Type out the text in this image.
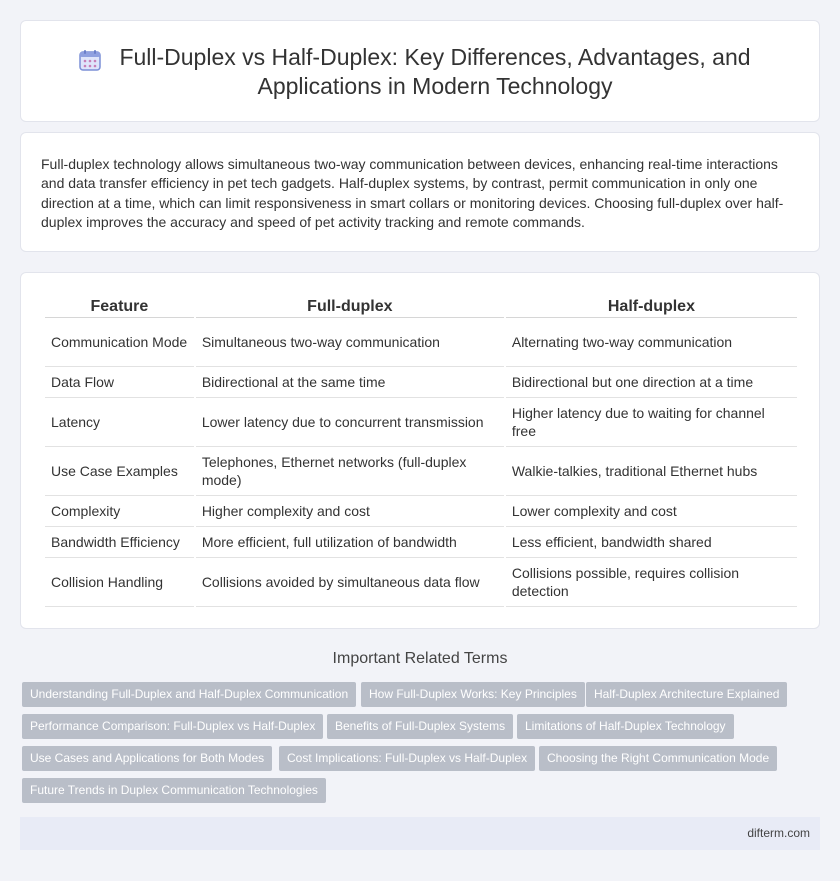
Full-Duplex vs Half-Duplex: Key Differences, Advantages, and
Applications in Modern Technology

Full-duplex technology allows simultaneous two-way communication between devices, enhancing real-time interactions and data transfer efficiency in pet tech gadgets. Half-duplex systems, by contrast, permit communication in only one direction at a time, which can limit responsiveness in smart collars or monitoring devices. Choosing full-duplex over half-duplex improves the accuracy and speed of pet activity tracking and remote commands.

Feature	Full-duplex	Half-duplex
Communication Mode	Simultaneous two-way communication	Alternating two-way communication
Data Flow	Bidirectional at the same time	Bidirectional but one direction at a time
Latency	Lower latency due to concurrent transmission	Higher latency due to waiting for channel free
Use Case Examples	Telephones, Ethernet networks (full-duplex mode)	Walkie-talkies, traditional Ethernet hubs
Complexity	Higher complexity and cost	Lower complexity and cost
Bandwidth Efficiency	More efficient, full utilization of bandwidth	Less efficient, bandwidth shared
Collision Handling	Collisions avoided by simultaneous data flow	Collisions possible, requires collision detection
Important Related Terms
Understanding Full-Duplex and Half-Duplex Communication	How Full-Duplex Works: Key Principles	Half-Duplex Architecture Explained
Performance Comparison: Full-Duplex vs Half-Duplex	Benefits of Full-Duplex Systems	Limitations of Half-Duplex Technology
Use Cases and Applications for Both Modes	Cost Implications: Full-Duplex vs Half-Duplex	Choosing the Right Communication Mode
Future Trends in Duplex Communication Technologies
difterm.com
